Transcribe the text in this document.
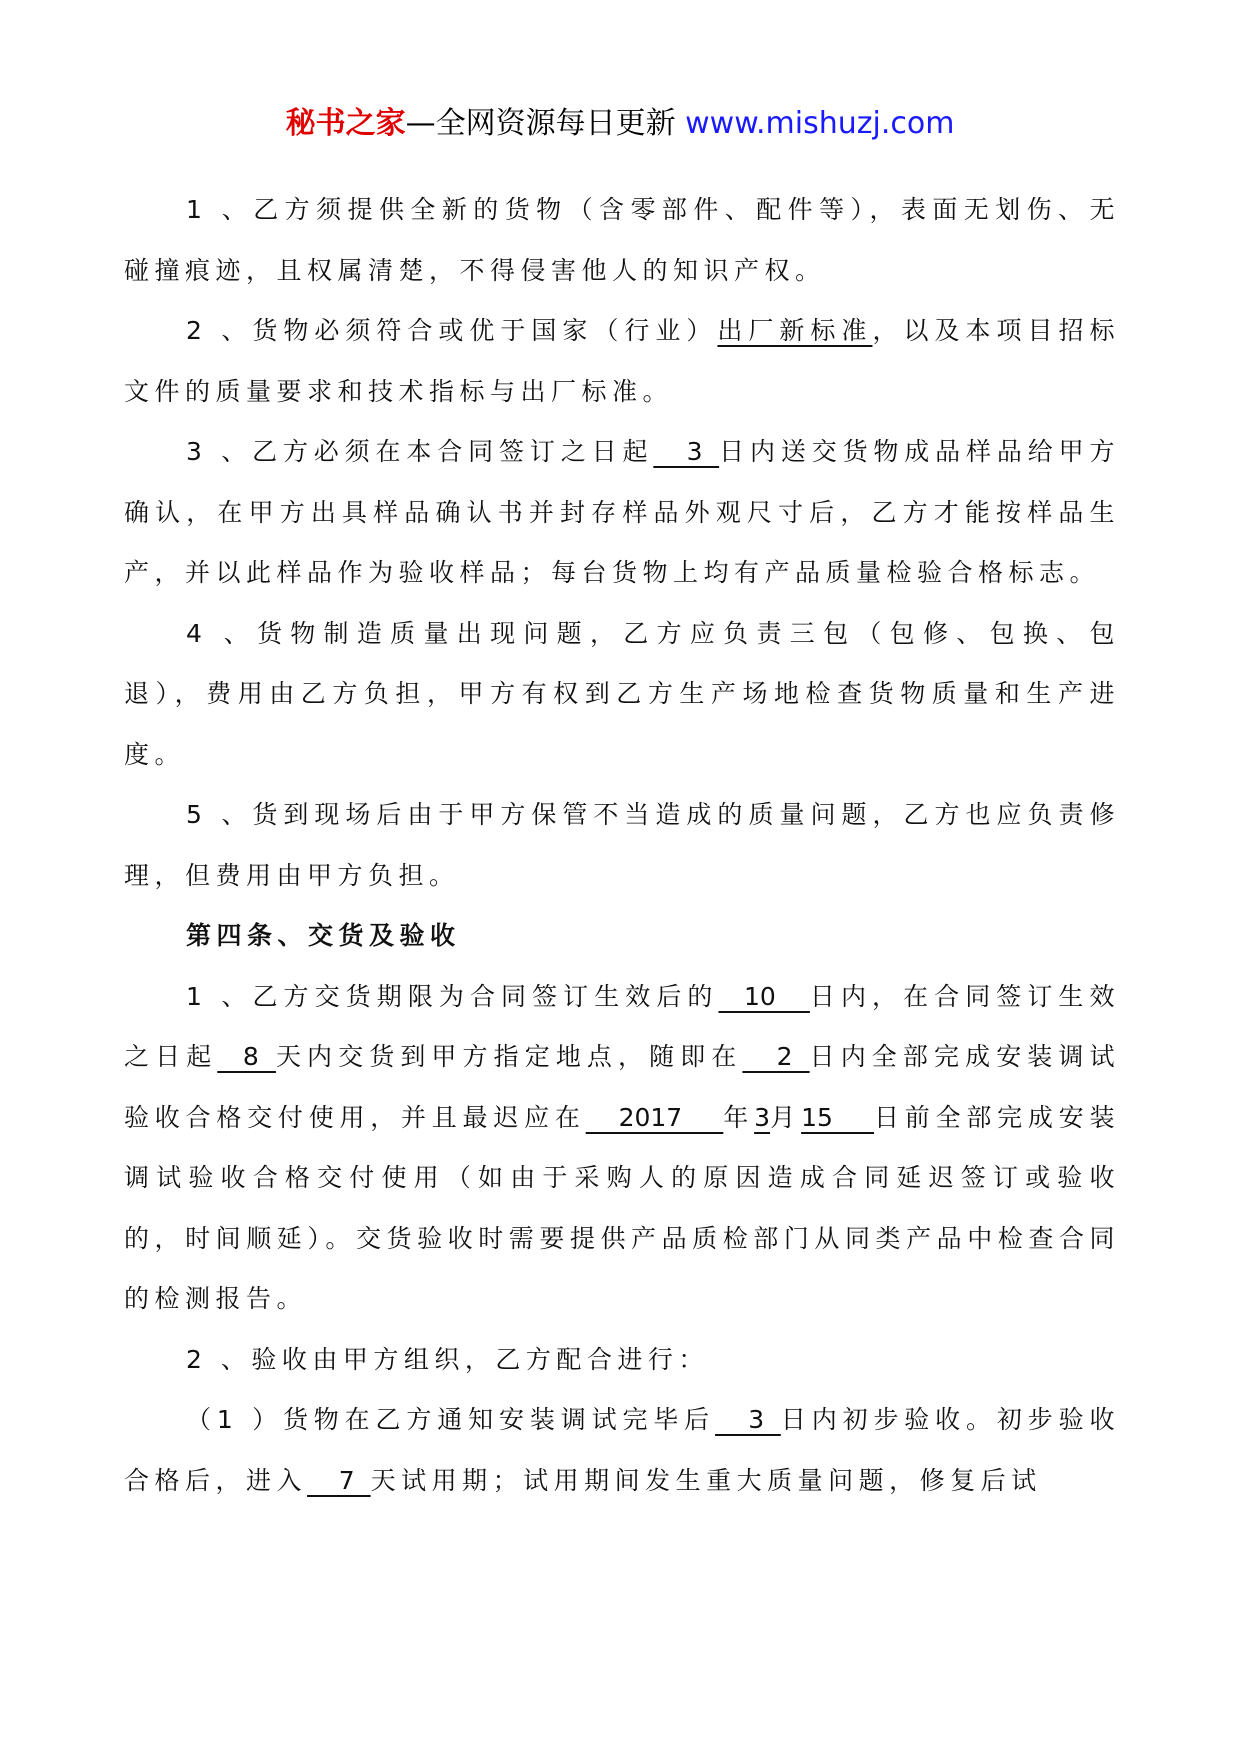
秘书之家—全网资源每日更新 www.mishuzj.com

1 、乙方须提供全新的货物（含零部件、配件等），表面无划伤、无碰撞痕迹，且权属清楚，不得侵害他人的知识产权。

2 、货物必须符合或优于国家（行业）出厂新标准，以及本项目招标文件的质量要求和技术指标与出厂标准。

3 、乙方必须在本合同签订之日起    3  日内送交货物成品样品给甲方确认，在甲方出具样品确认书并封存样品外观尺寸后，乙方才能按样品生产，并以此样品作为验收样品；每台货物上均有产品质量检验合格标志。

4 、货物制造质量出现问题，乙方应负责三包（包修、包换、包退），费用由乙方负担，甲方有权到乙方生产场地检查货物质量和生产进度。

5 、货到现场后由于甲方保管不当造成的质量问题，乙方也应负责修理，但费用由甲方负担。

第四条、交货及验收

1 、乙方交货期限为合同签订生效后的   10    日内，在合同签订生效之日起   8  天内交货到甲方指定地点，随即在    2  日内全部完成安装调试验收合格交付使用，并且最迟应在    2017     年3月15     日前全部完成安装调试验收合格交付使用（如由于采购人的原因造成合同延迟签订或验收的，时间顺延）。交货验收时需要提供产品质检部门从同类产品中检查合同的检测报告。

2 、验收由甲方组织，乙方配合进行：

（1 ）货物在乙方通知安装调试完毕后    3  日内初步验收。初步验收合格后，进入    7  天试用期；试用期间发生重大质量问题，修复后试
